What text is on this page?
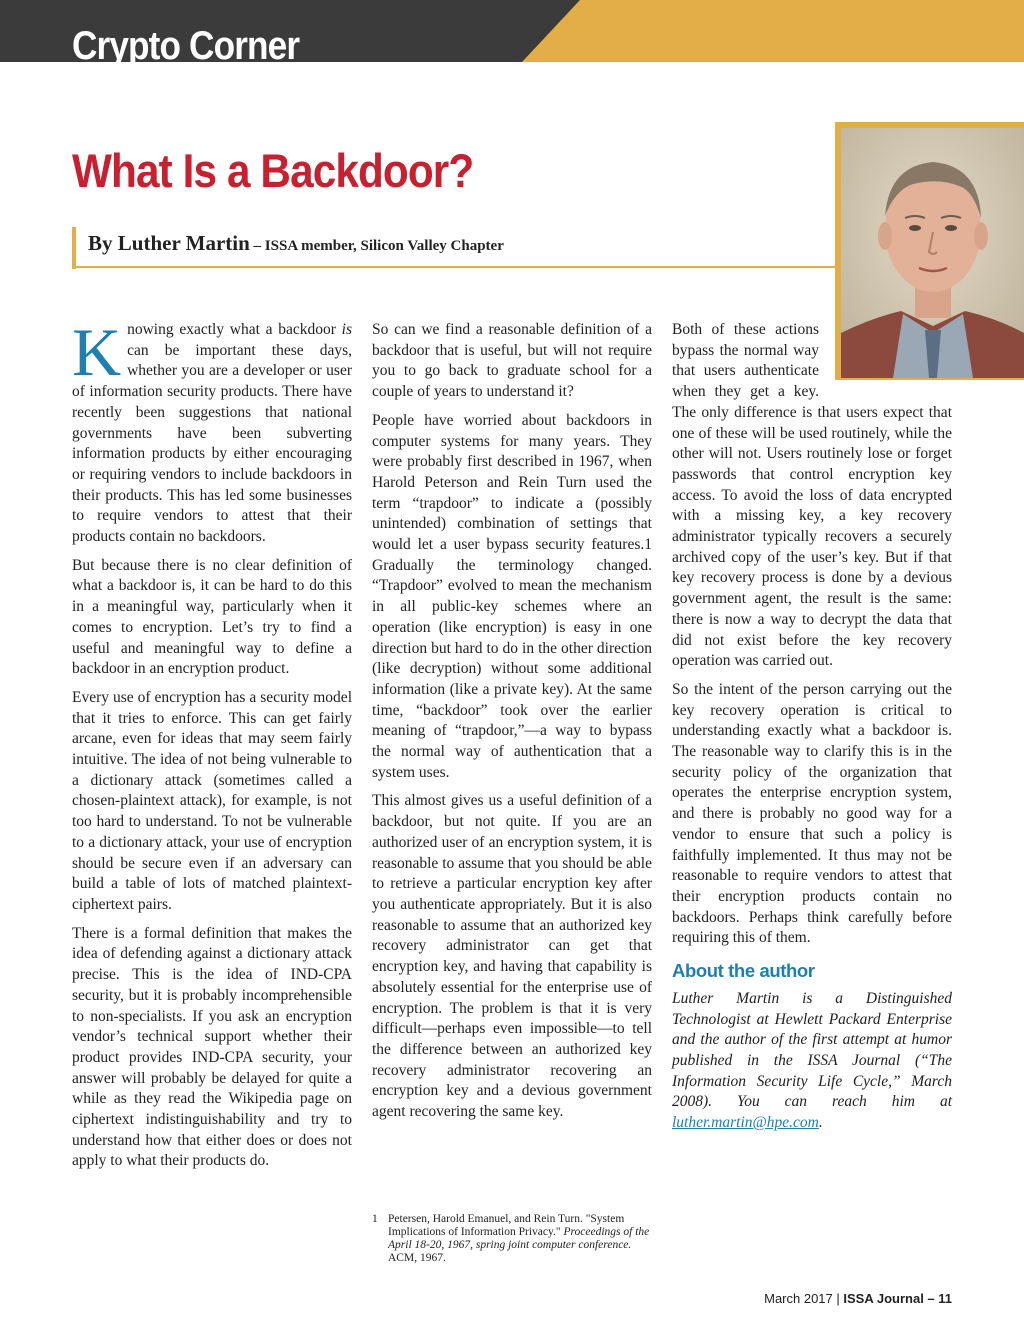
Crypto Corner
What Is a Backdoor?
By Luther Martin – ISSA member, Silicon Valley Chapter

Knowing exactly what a backdoor is can be important these days, whether you are a developer or user of information security products. There have recently been suggestions that national governments have been subverting information products by either encouraging or requiring vendors to include backdoors in their products. This has led some businesses to require vendors to attest that their products contain no backdoors.

But because there is no clear definition of what a backdoor is, it can be hard to do this in a meaningful way, particularly when it comes to encryption. Let’s try to find a useful and meaningful way to define a backdoor in an encryption product.

Every use of encryption has a security model that it tries to enforce. This can get fairly arcane, even for ideas that may seem fairly intuitive. The idea of not being vulnerable to a dictionary attack (sometimes called a chosen-plaintext attack), for example, is not too hard to understand. To not be vulnerable to a dictionary attack, your use of encryption should be secure even if an adversary can build a table of lots of matched plaintext-ciphertext pairs.

There is a formal definition that makes the idea of defending against a dictionary attack precise. This is the idea of IND-CPA security, but it is probably incomprehensible to non-specialists. If you ask an encryption vendor’s technical support whether their product provides IND-CPA security, your answer will probably be delayed for quite a while as they read the Wikipedia page on ciphertext indistinguishability and try to understand how that either does or does not apply to what their products do.

So can we find a reasonable definition of a backdoor that is useful, but will not require you to go back to graduate school for a couple of years to understand it?

People have worried about backdoors in computer systems for many years. They were probably first described in 1967, when Harold Peterson and Rein Turn used the term “trapdoor” to indicate a (possibly unintended) combination of settings that would let a user bypass security features.1 Gradually the terminology changed. “Trapdoor” evolved to mean the mechanism in all public-key schemes where an operation (like encryption) is easy in one direction but hard to do in the other direction (like decryption) without some additional information (like a private key). At the same time, “backdoor” took over the earlier meaning of “trapdoor,”—a way to bypass the normal way of authentication that a system uses.

This almost gives us a useful definition of a backdoor, but not quite. If you are an authorized user of an encryption system, it is reasonable to assume that you should be able to retrieve a particular encryption key after you authenticate appropriately. But it is also reasonable to assume that an authorized key recovery administrator can get that encryption key, and having that capability is absolutely essential for the enterprise use of encryption. The problem is that it is very difficult—perhaps even impossible—to tell the difference between an authorized key recovery administrator recovering an encryption key and a devious government agent recovering the same key.

Both of these actions bypass the normal way that users authenticate when they get a key. The only difference is that users expect that one of these will be used routinely, while the other will not. Users routinely lose or forget passwords that control encryption key access. To avoid the loss of data encrypted with a missing key, a key recovery administrator typically recovers a securely archived copy of the user’s key. But if that key recovery process is done by a devious government agent, the result is the same: there is now a way to decrypt the data that did not exist before the key recovery operation was carried out.

So the intent of the person carrying out the key recovery operation is critical to understanding exactly what a backdoor is. The reasonable way to clarify this is in the security policy of the organization that operates the enterprise encryption system, and there is probably no good way for a vendor to ensure that such a policy is faithfully implemented. It thus may not be reasonable to require vendors to attest that their encryption products contain no backdoors. Perhaps think carefully before requiring this of them.

About the author

Luther Martin is a Distinguished Technologist at Hewlett Packard Enterprise and the author of the first attempt at humor published in the ISSA Journal (“The Information Security Life Cycle,” March 2008). You can reach him at luther.martin@hpe.com.

1 Petersen, Harold Emanuel, and Rein Turn. "System Implications of Information Privacy." Proceedings of the April 18-20, 1967, spring joint computer conference. ACM, 1967.
March 2017 | ISSA Journal – 11
